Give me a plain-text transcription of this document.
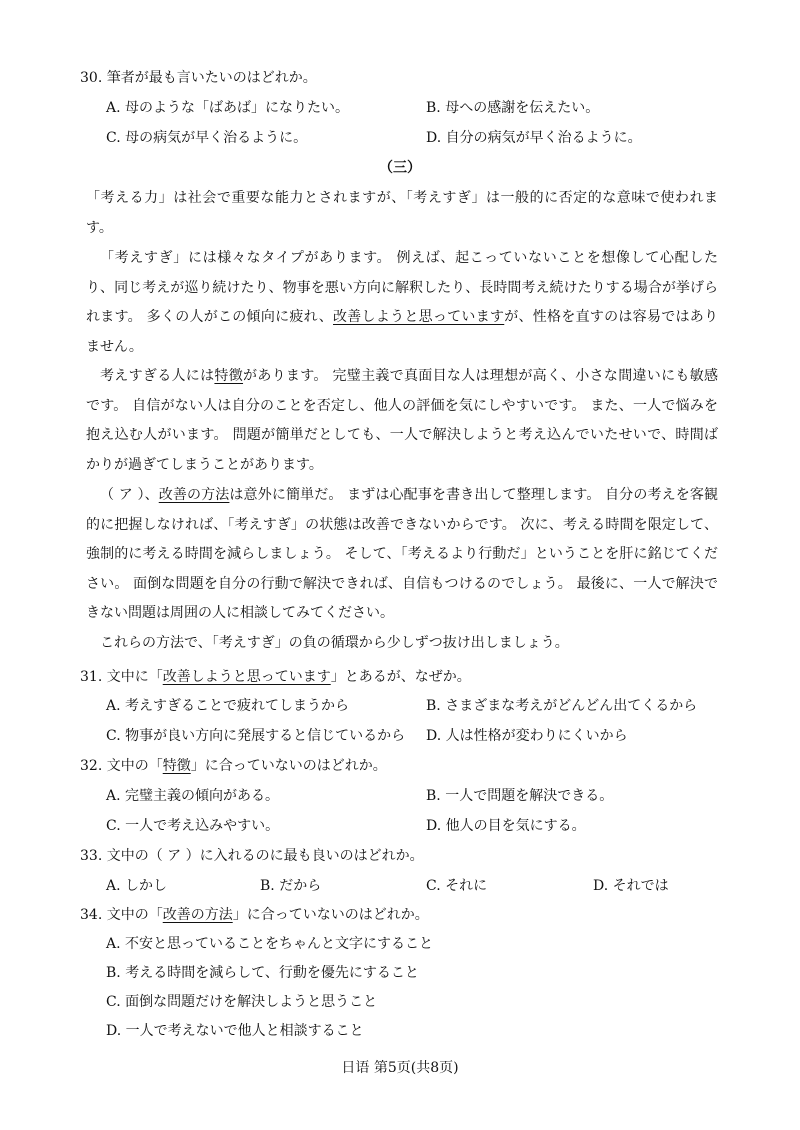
30. 筆者が最も言いたいのはどれか。
A. 母のような「ばあば」になりたい。	B. 母への感謝を伝えたい。
C. 母の病気が早く治るように。	D. 自分の病気が早く治るように。
（三）
「考える力」は社会で重要な能力とされますが、「考えすぎ」は一般的に否定的な意味で使われます。
「考えすぎ」には様々なタイプがあります。 例えば、起こっていないことを想像して心配したり、同じ考えが巡り続けたり、物事を悪い方向に解釈したり、長時間考え続けたりする場合が挙げられます。 多くの人がこの傾向に疲れ、改善しようと思っていますが、性格を直すのは容易ではありません。
考えすぎる人には特徴があります。 完璧主義で真面目な人は理想が高く、小さな間違いにも敏感です。 自信がない人は自分のことを否定し、他人の評価を気にしやすいです。 また、一人で悩みを抱え込む人がいます。 問題が簡単だとしても、一人で解決しようと考え込んでいたせいで、時間ばかりが過ぎてしまうことがあります。
（ ア ）、改善の方法は意外に簡単だ。 まずは心配事を書き出して整理します。 自分の考えを客観的に把握しなければ、「考えすぎ」の状態は改善できないからです。 次に、考える時間を限定して、強制的に考える時間を減らしましょう。 そして、「考えるより行動だ」ということを肝に銘じてください。 面倒な問題を自分の行動で解決できれば、自信もつけるのでしょう。 最後に、一人で解決できない問題は周囲の人に相談してみてください。
これらの方法で、「考えすぎ」の負の循環から少しずつ抜け出しましょう。
31. 文中に「改善しようと思っています」とあるが、なぜか。
A. 考えすぎることで疲れてしまうから	B. さまざまな考えがどんどん出てくるから
C. 物事が良い方向に発展すると信じているから D. 人は性格が変わりにくいから
32. 文中の「特徴」に合っていないのはどれか。
A. 完璧主義の傾向がある。	B. 一人で問題を解決できる。
C. 一人で考え込みやすい。	D. 他人の目を気にする。
33. 文中の（ ア ）に入れるのに最も良いのはどれか。
A. しかし	B. だから	C. それに	D. それでは
34. 文中の「改善の方法」に合っていないのはどれか。
A. 不安と思っていることをちゃんと文字にすること
B. 考える時間を減らして、行動を優先にすること
C. 面倒な問題だけを解決しようと思うこと
D. 一人で考えないで他人と相談すること
日语 第5页(共8页)
